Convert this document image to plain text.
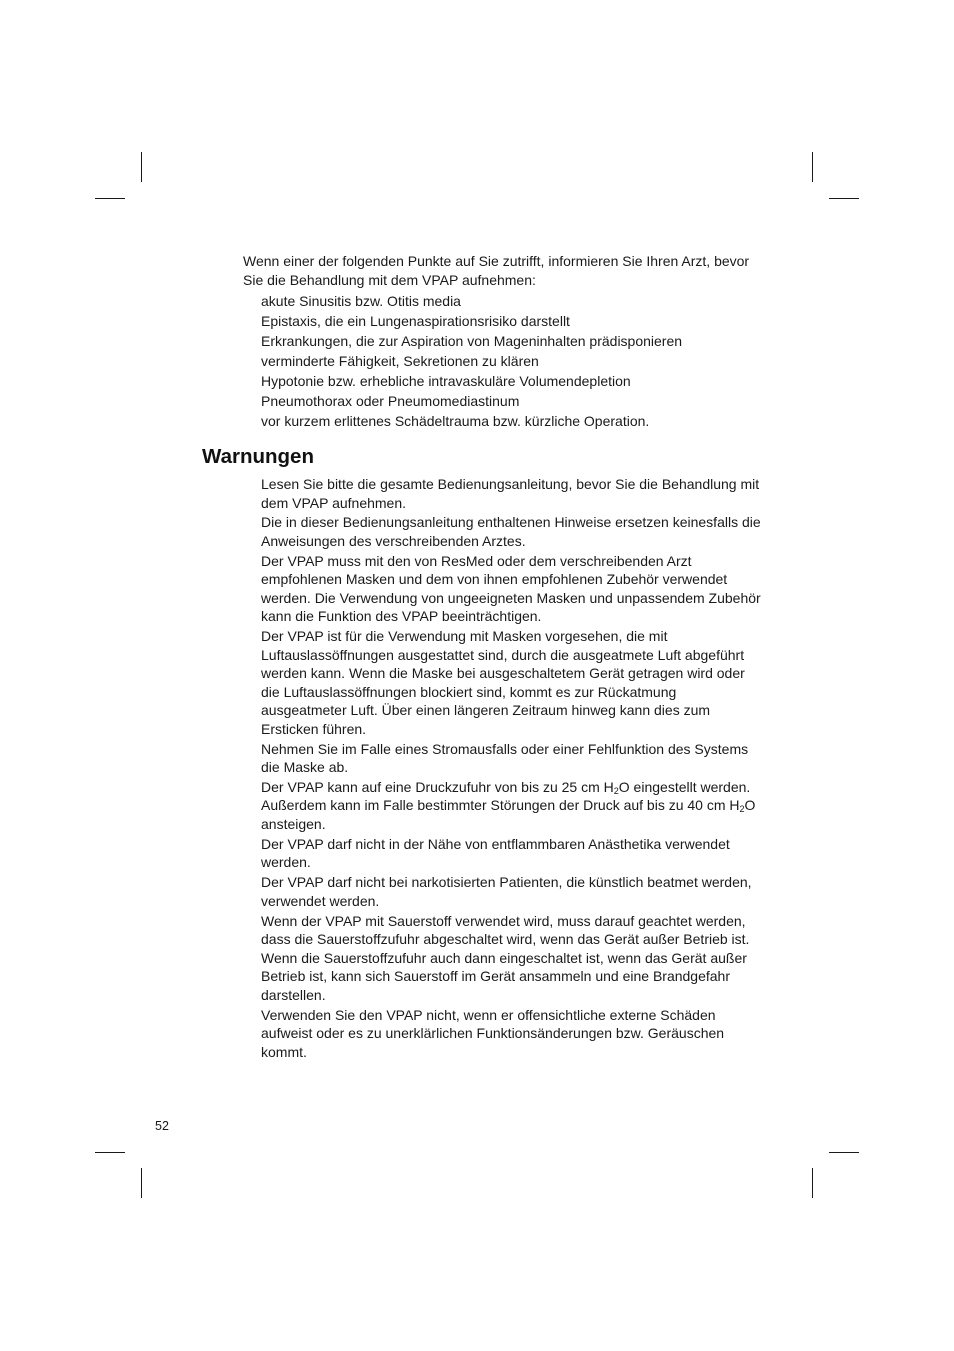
Wenn einer der folgenden Punkte auf Sie zutrifft, informieren Sie Ihren Arzt, bevor Sie die Behandlung mit dem VPAP aufnehmen:

akute Sinusitis bzw. Otitis media
Epistaxis, die ein Lungenaspirationsrisiko darstellt
Erkrankungen, die zur Aspiration von Mageninhalten prädisponieren
verminderte Fähigkeit, Sekretionen zu klären
Hypotonie bzw. erhebliche intravaskuläre Volumendepletion
Pneumothorax oder Pneumomediastinum
vor kurzem erlittenes Schädeltrauma bzw. kürzliche Operation.
Warnungen
Lesen Sie bitte die gesamte Bedienungsanleitung, bevor Sie die Behandlung mit dem VPAP aufnehmen.
Die in dieser Bedienungsanleitung enthaltenen Hinweise ersetzen keinesfalls die Anweisungen des verschreibenden Arztes.
Der VPAP muss mit den von ResMed oder dem verschreibenden Arzt empfohlenen Masken und dem von ihnen empfohlenen Zubehör verwendet werden. Die Verwendung von ungeeigneten Masken und unpassendem Zubehör kann die Funktion des VPAP beeinträchtigen.
Der VPAP ist für die Verwendung mit Masken vorgesehen, die mit Luftauslassöffnungen ausgestattet sind, durch die ausgeatmete Luft abgeführt werden kann. Wenn die Maske bei ausgeschaltetem Gerät getragen wird oder die Luftauslassöffnungen blockiert sind, kommt es zur Rückatmung ausgeatmeter Luft. Über einen längeren Zeitraum hinweg kann dies zum Ersticken führen.
Nehmen Sie im Falle eines Stromausfalls oder einer Fehlfunktion des Systems die Maske ab.
Der VPAP kann auf eine Druckzufuhr von bis zu 25 cm $H_2O$ eingestellt werden. Außerdem kann im Falle bestimmter Störungen der Druck auf bis zu 40 cm $H_2O$ ansteigen.
Der VPAP darf nicht in der Nähe von entflammbaren Anästhetika verwendet werden.
Der VPAP darf nicht bei narkotisierten Patienten, die künstlich beatmet werden, verwendet werden.
Wenn der VPAP mit Sauerstoff verwendet wird, muss darauf geachtet werden, dass die Sauerstoffzufuhr abgeschaltet wird, wenn das Gerät außer Betrieb ist. Wenn die Sauerstoffzufuhr auch dann eingeschaltet ist, wenn das Gerät außer Betrieb ist, kann sich Sauerstoff im Gerät ansammeln und eine Brandgefahr darstellen.
Verwenden Sie den VPAP nicht, wenn er offensichtliche externe Schäden aufweist oder es zu unerklärlichen Funktionsänderungen bzw. Geräuschen kommt.
52
